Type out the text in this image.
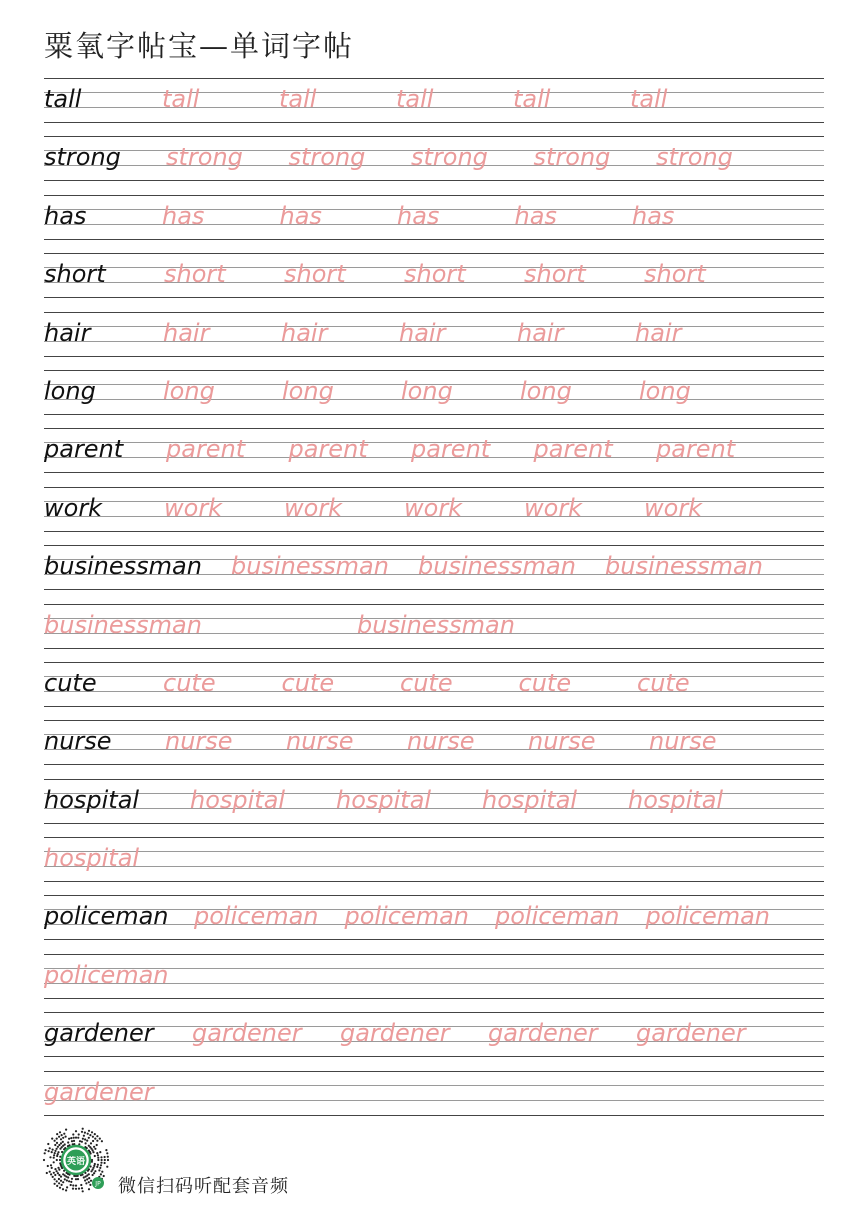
粟氧字帖宝—单词字帖
tall	tall	tall	tall	tall	tall
strong strong strong strong strong strong
has	has	has	has	has	has
short short short short short short
hair	hair	hair	hair	hair	hair
long	long	long	long	long	long
parent parent parent parent parent parent
work	work	work	work	work	work
businessman businessman businessman businessman
businessman	businessman
cute	cute	cute	cute	cute	cute
nurse nurse nurse nurse nurse nurse
hospital hospital hospital hospital hospital
hospital
policeman policeman policeman policeman policeman
policeman
gardener gardener gardener gardener gardener
gardener
英语
JP 微信扫码听配套音频
